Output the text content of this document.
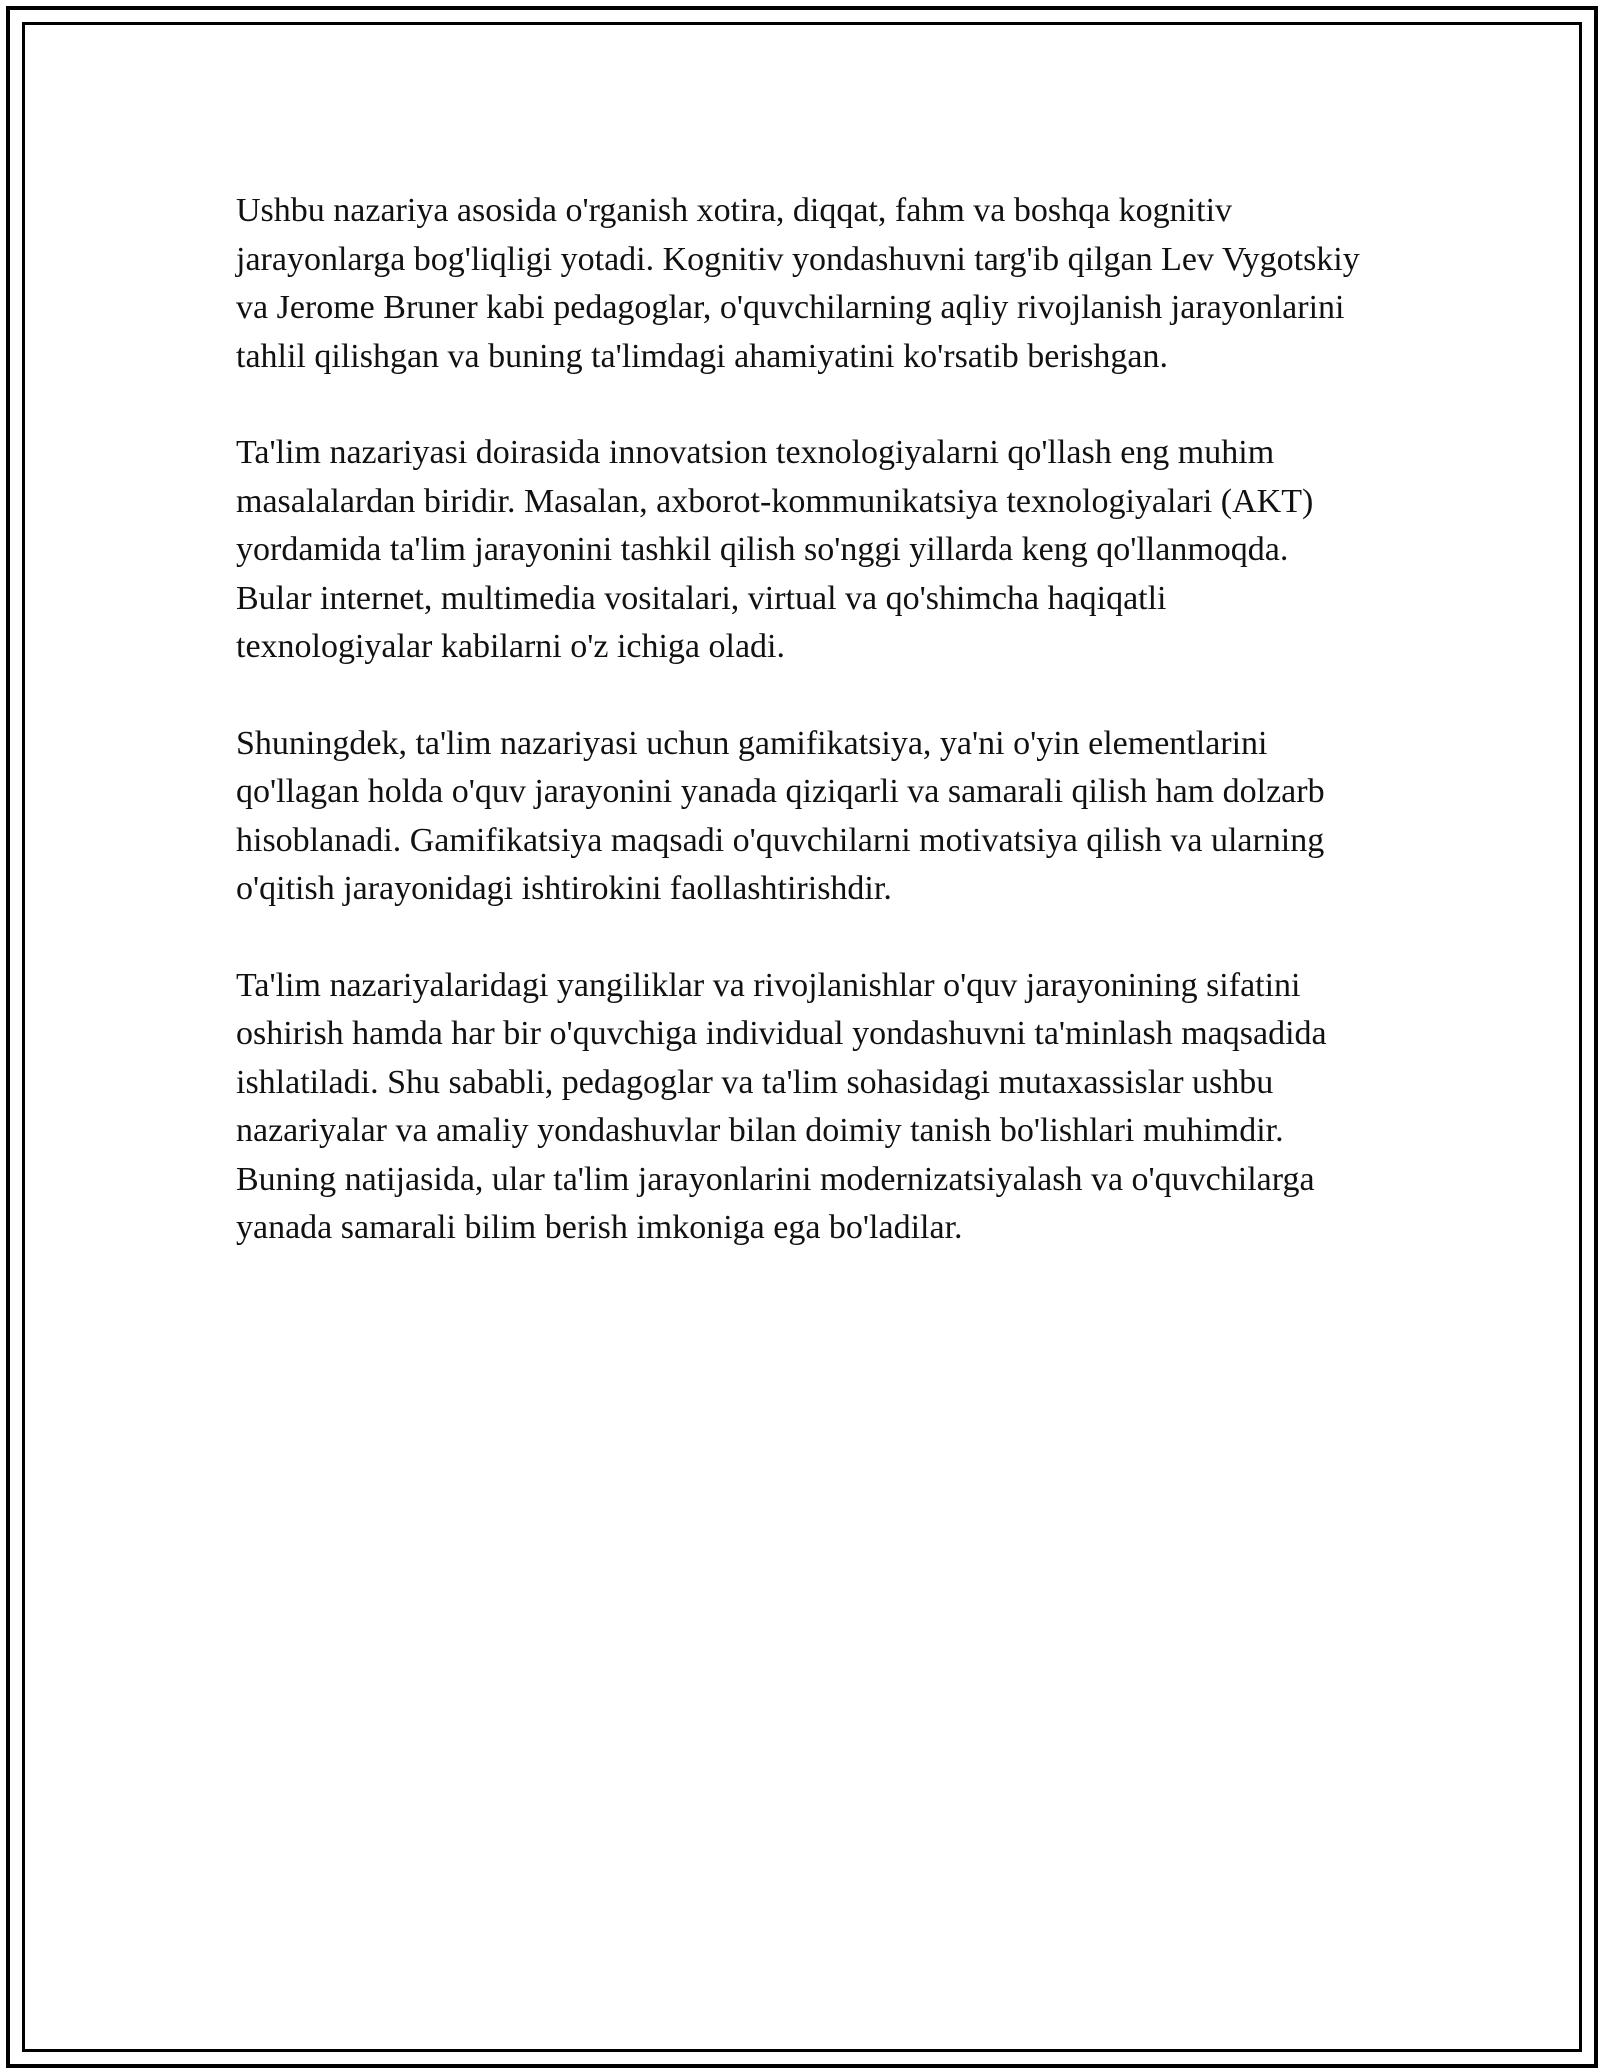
Ushbu nazariya asosida o'rganish xotira, diqqat, fahm va boshqa kognitiv jarayonlarga bog'liqligi yotadi. Kognitiv yondashuvni targ'ib qilgan Lev Vygotskiy va Jerome Bruner kabi pedagoglar, o'quvchilarning aqliy rivojlanish jarayonlarini tahlil qilishgan va buning ta'limdagi ahamiyatini ko'rsatib berishgan.

Ta'lim nazariyasi doirasida innovatsion texnologiyalarni qo'llash eng muhim masalalardan biridir. Masalan, axborot-kommunikatsiya texnologiyalari (AKT) yordamida ta'lim jarayonini tashkil qilish so'nggi yillarda keng qo'llanmoqda. Bular internet, multimedia vositalari, virtual va qo'shimcha haqiqatli texnologiyalar kabilarni o'z ichiga oladi.

Shuningdek, ta'lim nazariyasi uchun gamifikatsiya, ya'ni o'yin elementlarini qo'llagan holda o'quv jarayonini yanada qiziqarli va samarali qilish ham dolzarb hisoblanadi. Gamifikatsiya maqsadi o'quvchilarni motivatsiya qilish va ularning o'qitish jarayonidagi ishtirokini faollashtirishdir.

Ta'lim nazariyalaridagi yangiliklar va rivojlanishlar o'quv jarayonining sifatini oshirish hamda har bir o'quvchiga individual yondashuvni ta'minlash maqsadida ishlatiladi. Shu sababli, pedagoglar va ta'lim sohasidagi mutaxassislar ushbu nazariyalar va amaliy yondashuvlar bilan doimiy tanish bo'lishlari muhimdir. Buning natijasida, ular ta'lim jarayonlarini modernizatsiyalash va o'quvchilarga yanada samarali bilim berish imkoniga ega bo'ladilar.
